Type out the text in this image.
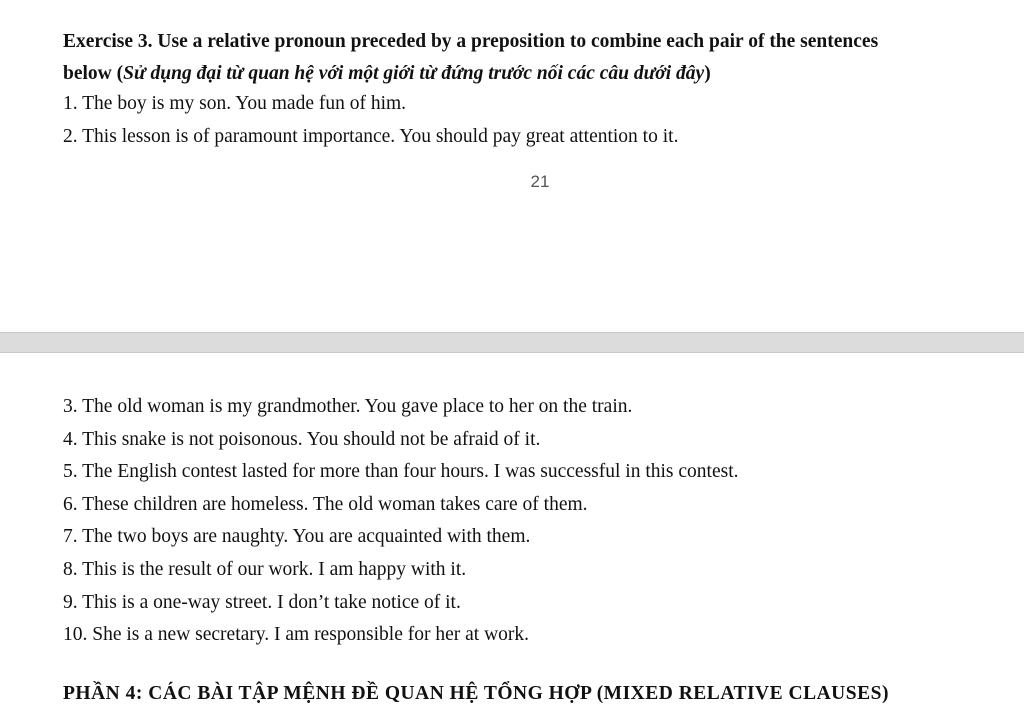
Exercise 3. Use a relative pronoun preceded by a preposition to combine each pair of the sentences
below (Sử dụng đại từ quan hệ với một giới từ đứng trước nối các câu dưới đây)
1. The boy is my son. You made fun of him.
2. This lesson is of paramount importance. You should pay great attention to it.
21
3. The old woman is my grandmother. You gave place to her on the train.
4. This snake is not poisonous. You should not be afraid of it.
5. The English contest lasted for more than four hours. I was successful in this contest.
6. These children are homeless. The old woman takes care of them.
7. The two boys are naughty. You are acquainted with them.
8. This is the result of our work. I am happy with it.
9. This is a one-way street. I don’t take notice of it.
10. She is a new secretary. I am responsible for her at work.
PHẦN 4: CÁC BÀI TẬP MỆNH ĐỀ QUAN HỆ TỔNG HỢP (MIXED RELATIVE CLAUSES)
